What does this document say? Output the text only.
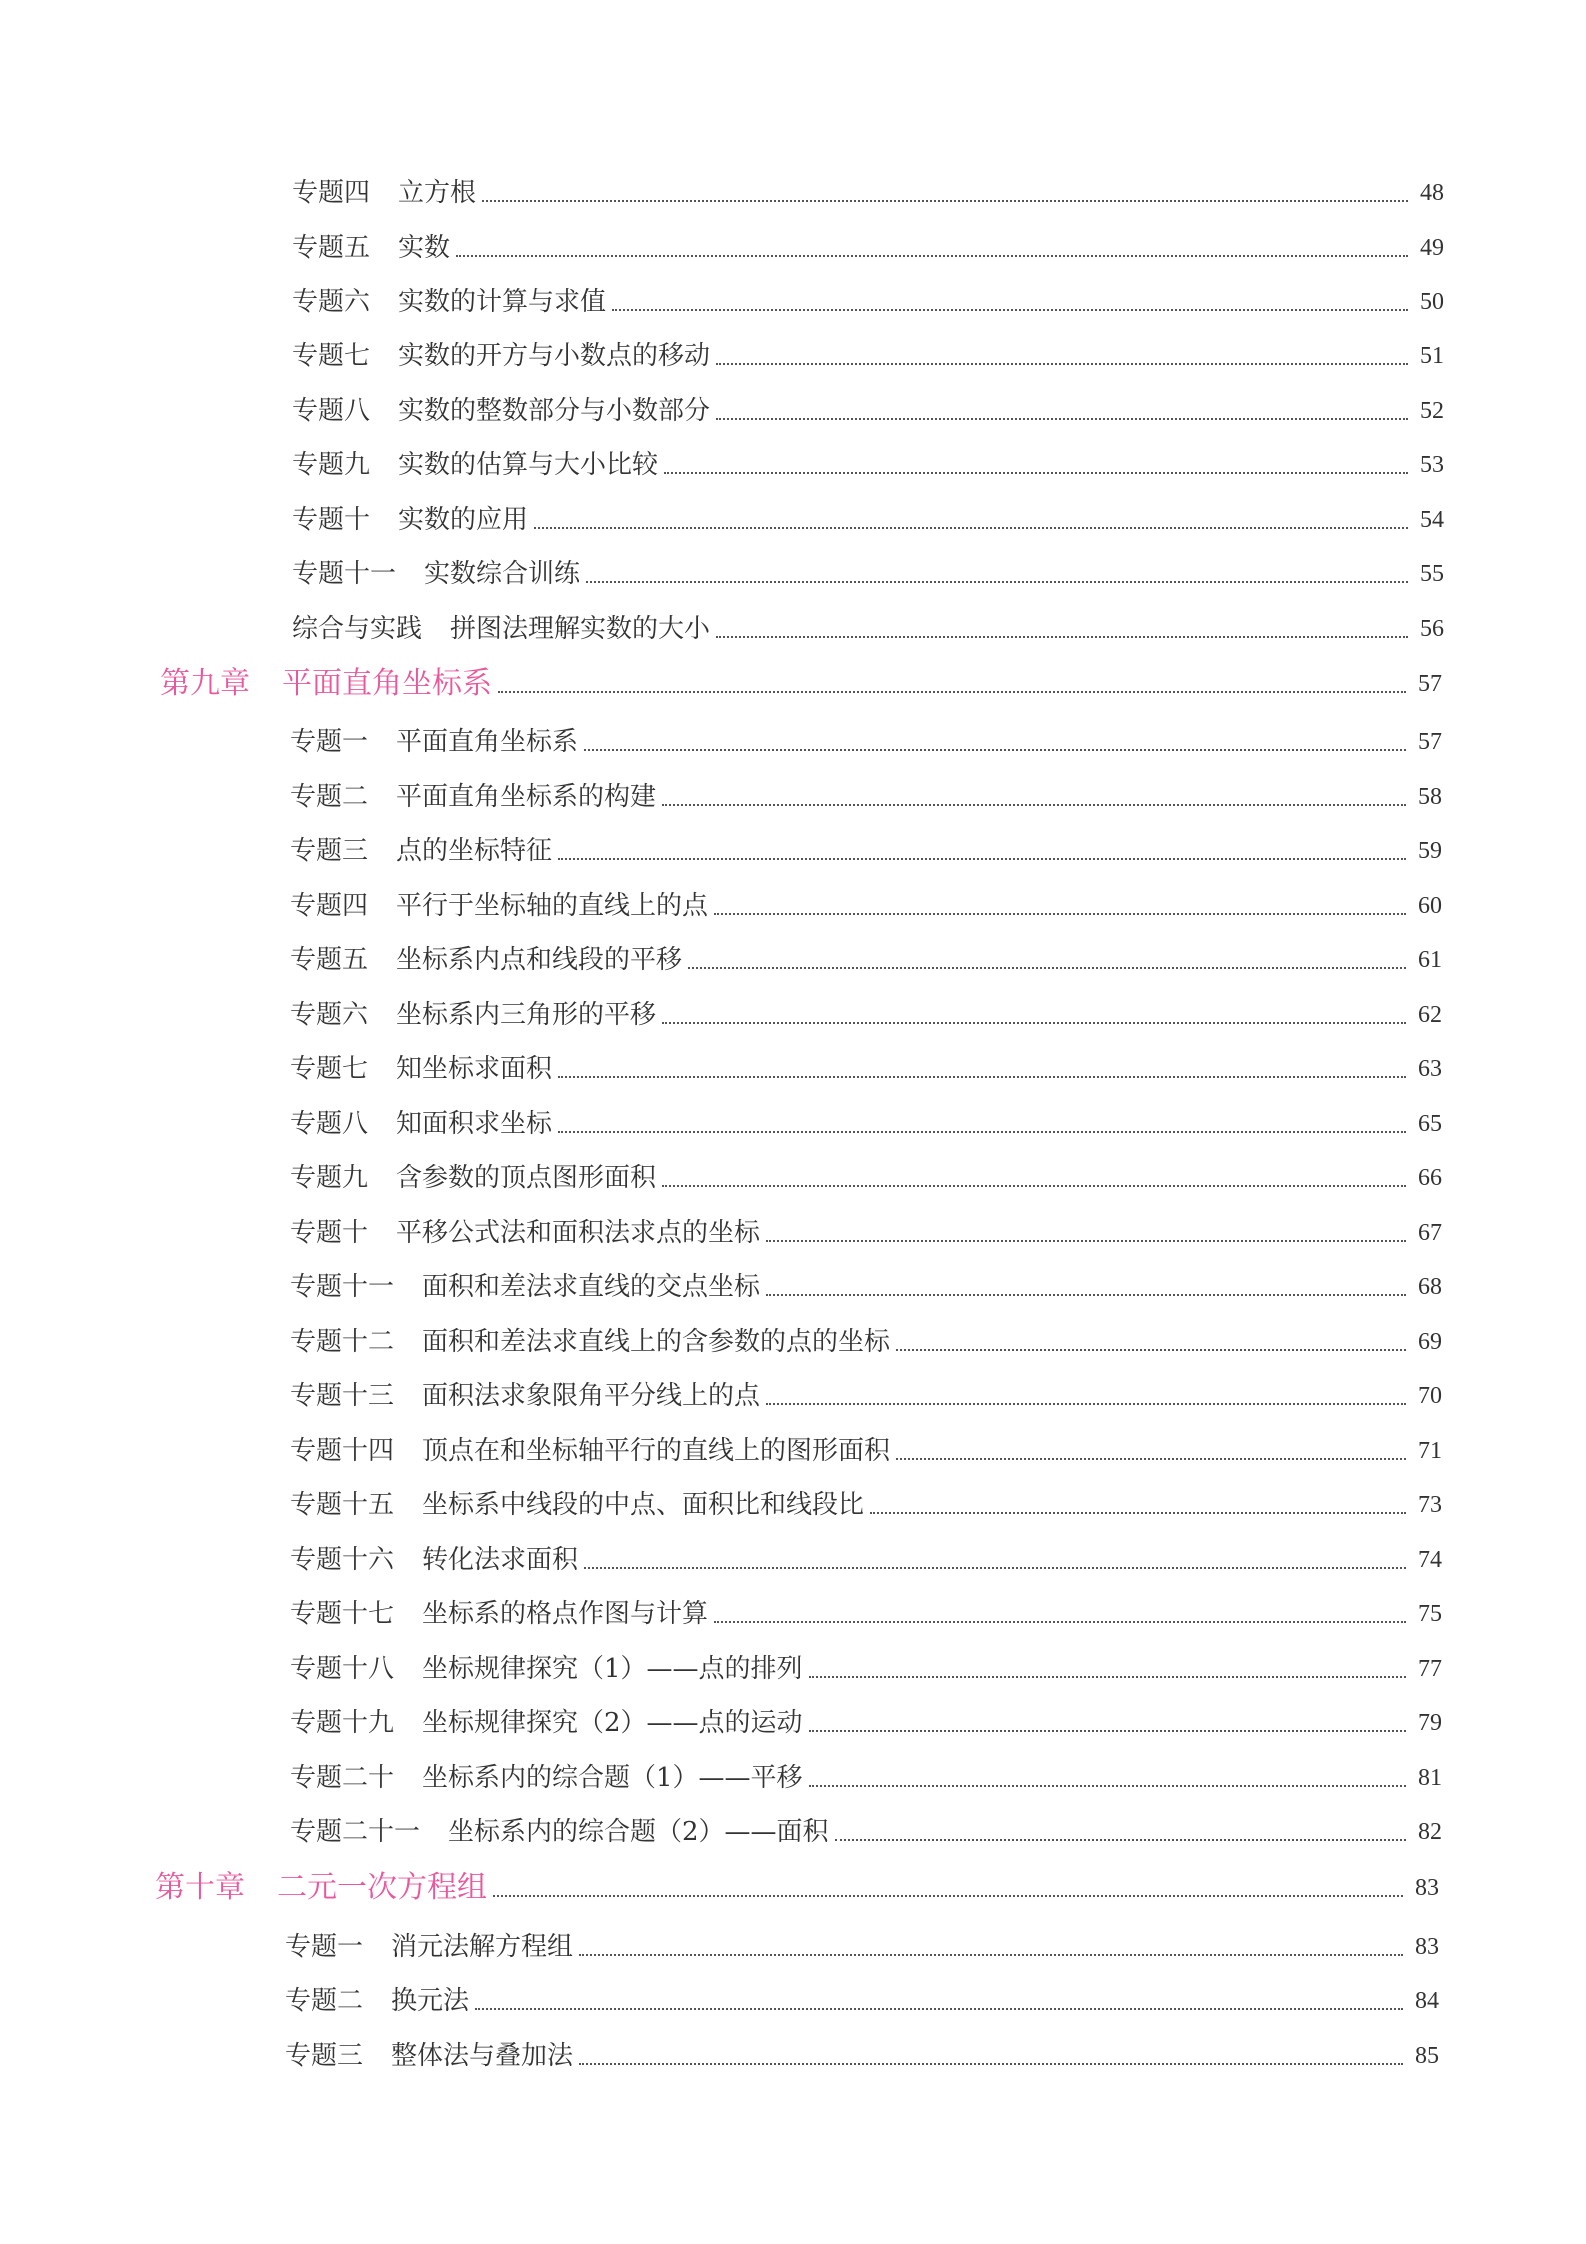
专题四 立方根	48
专题五 实数	49
专题六 实数的计算与求值	50
专题七 实数的开方与小数点的移动	51
专题八 实数的整数部分与小数部分	52
专题九 实数的估算与大小比较	53
专题十 实数的应用	54
专题十一 实数综合训练	55
综合与实践 拼图法理解实数的大小	56
第九章 平面直角坐标系	57
专题一 平面直角坐标系	57
专题二 平面直角坐标系的构建	58
专题三 点的坐标特征	59
专题四 平行于坐标轴的直线上的点	60
专题五 坐标系内点和线段的平移	61
专题六 坐标系内三角形的平移	62
专题七 知坐标求面积	63
专题八 知面积求坐标	65
专题九 含参数的顶点图形面积	66
专题十 平移公式法和面积法求点的坐标	67
专题十一 面积和差法求直线的交点坐标	68
专题十二 面积和差法求直线上的含参数的点的坐标	69
专题十三 面积法求象限角平分线上的点	70
专题十四 顶点在和坐标轴平行的直线上的图形面积	71
专题十五 坐标系中线段的中点、面积比和线段比	73
专题十六 转化法求面积	74
专题十七 坐标系的格点作图与计算	75
专题十八 坐标规律探究（1）——点的排列	77
专题十九 坐标规律探究（2）——点的运动	79
专题二十 坐标系内的综合题（1）——平移	81
专题二十一 坐标系内的综合题（2）——面积	82
第十章 二元一次方程组	83
专题一 消元法解方程组	83
专题二 换元法	84
专题三 整体法与叠加法	85
